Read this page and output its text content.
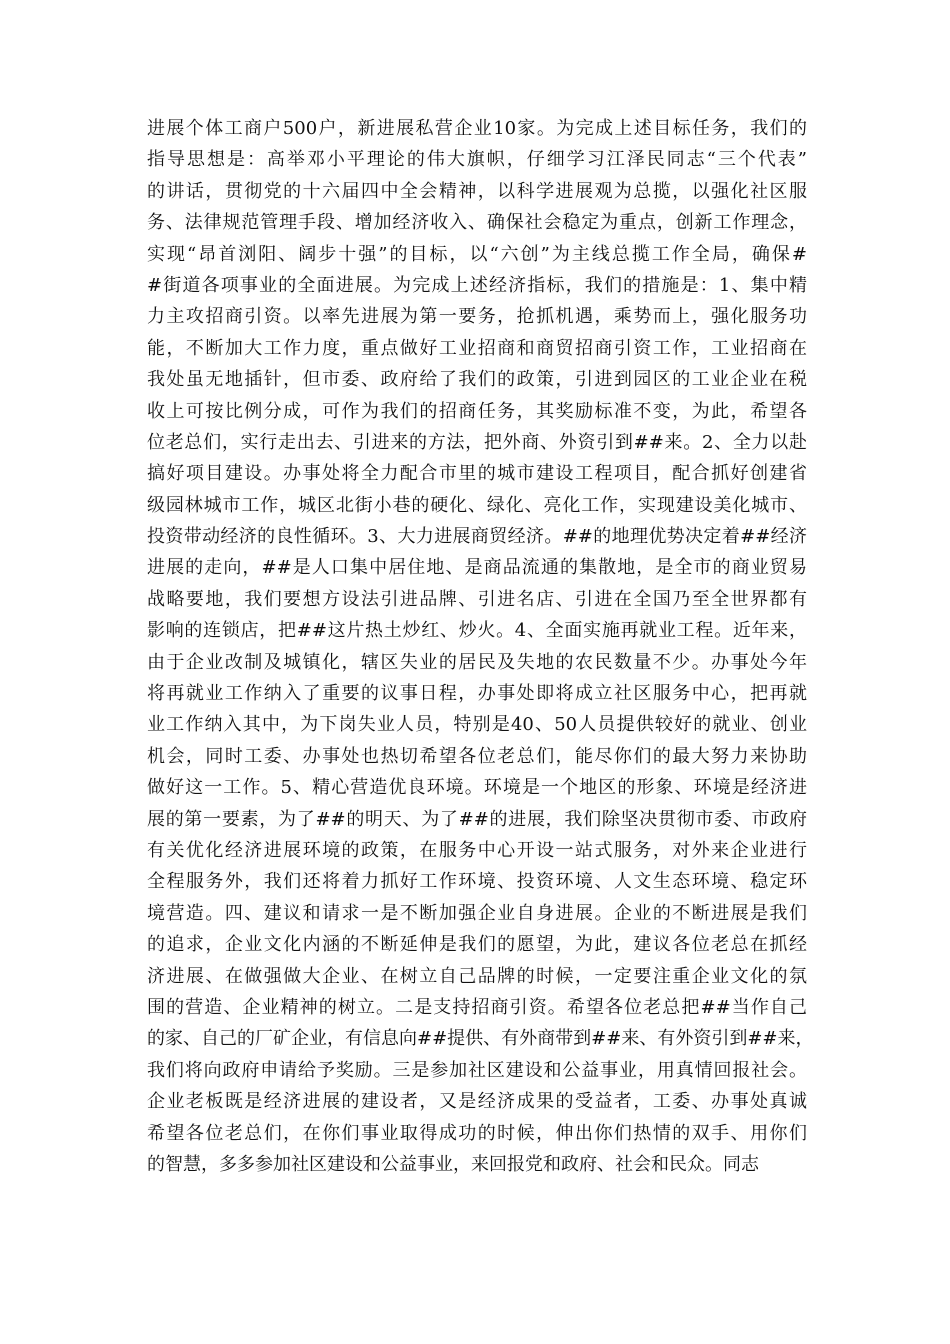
进展个体工商户500户，新进展私营企业10家。为完成上述目标任务，我们的
指导思想是：高举邓小平理论的伟大旗帜，仔细学习江泽民同志“三个代表”
的讲话，贯彻党的十六届四中全会精神，以科学进展观为总揽，以强化社区服
务、法律规范管理手段、增加经济收入、确保社会稳定为重点，创新工作理念，
实现“昂首浏阳、阔步十强”的目标，以“六创”为主线总揽工作全局，确保#
#街道各项事业的全面进展。为完成上述经济指标，我们的措施是：1、集中精
力主攻招商引资。以率先进展为第一要务，抢抓机遇，乘势而上，强化服务功
能，不断加大工作力度，重点做好工业招商和商贸招商引资工作，工业招商在
我处虽无地插针，但市委、政府给了我们的政策，引进到园区的工业企业在税
收上可按比例分成，可作为我们的招商任务，其奖励标准不变，为此，希望各
位老总们，实行走出去、引进来的方法，把外商、外资引到##来。2、全力以赴
搞好项目建设。办事处将全力配合市里的城市建设工程项目，配合抓好创建省
级园林城市工作，城区北街小巷的硬化、绿化、亮化工作，实现建设美化城市、
投资带动经济的良性循环。3、大力进展商贸经济。##的地理优势决定着##经济
进展的走向，##是人口集中居住地、是商品流通的集散地，是全市的商业贸易
战略要地，我们要想方设法引进品牌、引进名店、引进在全国乃至全世界都有
影响的连锁店，把##这片热土炒红、炒火。4、全面实施再就业工程。近年来，
由于企业改制及城镇化，辖区失业的居民及失地的农民数量不少。办事处今年
将再就业工作纳入了重要的议事日程，办事处即将成立社区服务中心，把再就
业工作纳入其中，为下岗失业人员，特别是40、50人员提供较好的就业、创业
机会，同时工委、办事处也热切希望各位老总们，能尽你们的最大努力来协助
做好这一工作。5、精心营造优良环境。环境是一个地区的形象、环境是经济进
展的第一要素，为了##的明天、为了##的进展，我们除坚决贯彻市委、市政府
有关优化经济进展环境的政策，在服务中心开设一站式服务，对外来企业进行
全程服务外，我们还将着力抓好工作环境、投资环境、人文生态环境、稳定环
境营造。四、建议和请求一是不断加强企业自身进展。企业的不断进展是我们
的追求，企业文化内涵的不断延伸是我们的愿望，为此，建议各位老总在抓经
济进展、在做强做大企业、在树立自己品牌的时候，一定要注重企业文化的氛
围的营造、企业精神的树立。二是支持招商引资。希望各位老总把##当作自己
的家、自己的厂矿企业，有信息向##提供、有外商带到##来、有外资引到##来，
我们将向政府申请给予奖励。三是参加社区建设和公益事业，用真情回报社会。
企业老板既是经济进展的建设者，又是经济成果的受益者，工委、办事处真诚
希望各位老总们，在你们事业取得成功的时候，伸出你们热情的双手、用你们
的智慧，多多参加社区建设和公益事业，来回报党和政府、社会和民众。同志
